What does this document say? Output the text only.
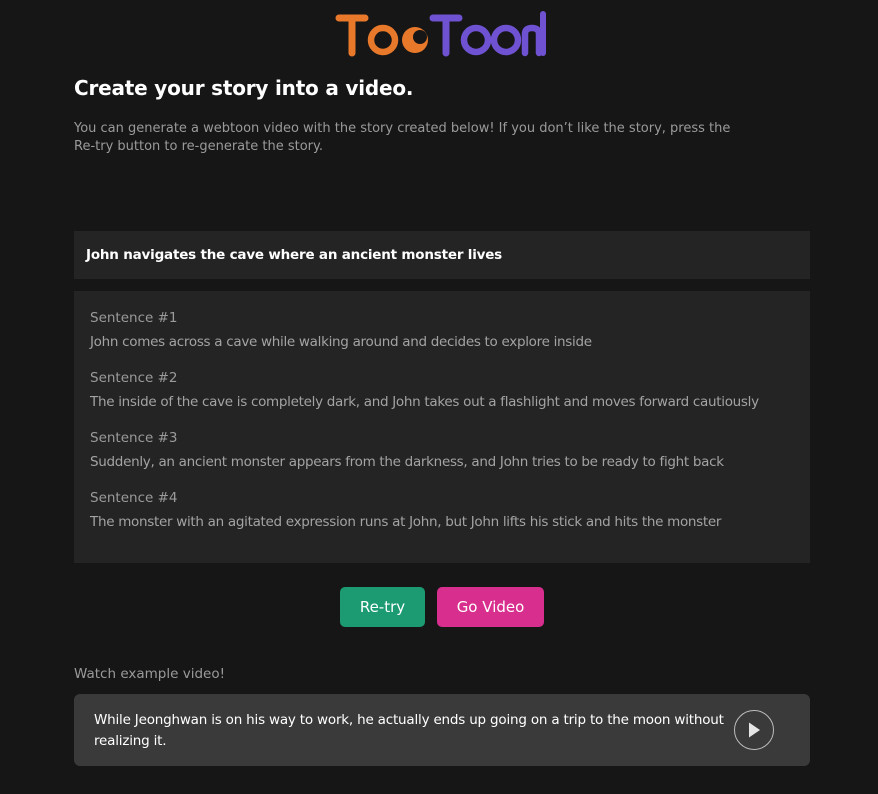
Create your story into a video.

You can generate a webtoon video with the story created below! If you don’t like the story, press the Re-try button to re-generate the story.

John navigates the cave where an ancient monster lives
Sentence #1
John comes across a cave while walking around and decides to explore inside
Sentence #2
The inside of the cave is completely dark, and John takes out a flashlight and moves forward cautiously
Sentence #3
Suddenly, an ancient monster appears from the darkness, and John tries to be ready to fight back
Sentence #4
The monster with an agitated expression runs at John, but John lifts his stick and hits the monster
Re-try	Go Video
Watch example video!
While Jeonghwan is on his way to work, he actually ends up going on a trip to the moon without realizing it.
